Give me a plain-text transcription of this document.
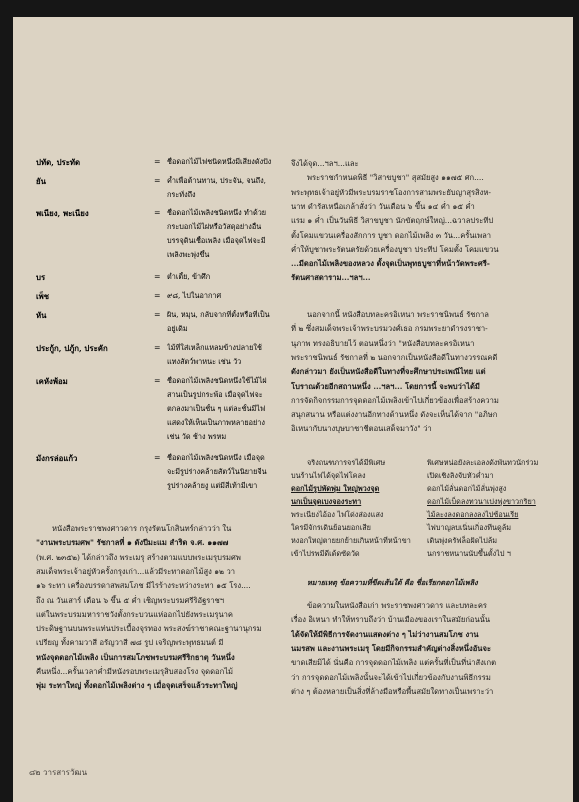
ปทัด, ประทัด	= ชื่อดอกไม้ไฟชนิดหนึ่งมีเสียงดังปัง
ยัน	= ค้ำเพื่อต้านทาน, ประจัน, จนถึง,
กระทั่งถึง
พเนียง, พะเนียง	= ชื่อดอกไม้เพลิงชนิดหนึ่ง ทำด้วย
กระบอกไม้ไผ่หรือวัสดุอย่างอื่น
บรรจุดินเชื้อเพลิง เมื่อจุดไฟจะมี
เพลิงพะพุ่งขึ้น
บร	= ต่ำเตี้ย, ข้าศึก
เพ็ช	= ๙๘, ไปในอากาศ
หัน	= ผิน, หมุน, กลับจากที่ตั้งหรือที่เป็น
อยู่เดิม
ประกู้ก, ปภู้ก, ประคัก	= ไม้ที่ใส่เหล็กแหลมข้างปลายใช้
แทงสัตว์พาหนะ เช่น วัว
เคหังพ้อม	= ชื่อดอกไม้เพลิงชนิดหนึ่งใช้ไม้ไผ่
สานเป็นรูปกระพ้อ เมื่อจุดไฟจะ
ตกลงมาเป็นชั้น ๆ แต่ละชั้นมีไฟ
แสดงให้เห็นเป็นภาพหลายอย่าง
เช่น วัด ช้าง พรหม
มังกรล่อแก้ว	= ชื่อดอกไม้เพลิงชนิดหนึ่ง เมื่อจุด
จะมีรูปร่างคล้ายสัตว์ในนิยายจีน
รูปร่างคล้ายงู แต่มีสี่เท้ามีเขา
หนังสือพระราชพงศาวดาร กรุงรัตนโกสินทร์กล่าวว่า ใน
"งานพระบรมศพ" รัชกาลที่ ๑ ดังปีมะแม สำริด จ.ศ. ๑๑๗๗
(พ.ศ. ๒๓๕๒) ได้กล่าวถึง พระเมรุ สร้างตามแบบพระเมรุบรมศพ
สมเด็จพระเจ้าอยู่หัวครั้งกรุงเก่า...แล้วมีระทาดอกไม้สูง ๑๒ วา
๑๖ ระทา เครื่องบรรดาสพสมโภช มีไรร้างระหว่างระทา ๑๕ โรง....
ถึง ณ วันเสาร์ เดือน ๖ ขึ้น ๕ ค่ำ เชิญพระบรมศรีริอัฐราชฯ
แต่ในพระบรมมหาราชวังตั้งกระบวนแห่ออกไปยังพระเมรุนาค
ประดิษฐานบนพระแท่นประเบื้องจุรทอง พระสงฆ์ราชาคณะฐานานุกรม
เปรียญ ทั้งคามวาสี อรัญวาสี ๗๘ รูป เจริญพระพุทธมนต์ มี
หนังจุดดอกไม้เพลิง เป็นการสมโภชพระบรมศรีริกธาตุ วันหนึ่ง
คืนหนึ่ง...ครั้นเวลาค่ำมีหนังรอบพระเมรุสิบสองโรง จุดดอกไม้
พุ่ม ระทาใหญ่ ทั้งดอกไม้เพลิงต่าง ๆ เมื่อจุดเสร็จแล้วระทาใหญ่
จึงได้จุด...ฯลฯ...และ
พระราชกำหนดพิธี "วิสาขบูชา" สุสมัยสูง ๑๑๗๕ ศก....
พระพุทธเจ้าอยู่หัวมีพระบรมราชโองการสามพระยับญาสุรสิงห-
นาท ดำรัสเหนือเกล้าสั่งว่า วันเดือน ๖ ขึ้น ๑๔ ค่ำ ๑๕ ค่ำ
แรม ๑ ค่ำ เป็นวันพิธี วิสาขบูชา นักขัตฤกษ์ใหญ่...ฉวาลประทีป
ตั้งโคมแขวนเครื่องสักการ บูชา ดอกไม้เพลิง ๓ วัน...ครั้นเพลา
ค่ำให้บูชาพระรัตนตรัยด้วยเครื่องบูชา ประทีป โคมตั้ง โคมแขวน
...มีดอกไม้เพลิงของหลวง ตั้งจุดเป็นพุทธบูชาที่หน้าวัดพระศรี-
รัตนศาสดาราม...ฯลฯ...
นอกจากนี้ หนังสือบทละครอิเหนา พระราชนิพนธ์ รัชกาล
ที่ ๒ ซึ่งสมเด็จพระเจ้าพระบรมวงศ์เธอ กรมพระยาดำรงราชา-
นุภาพ ทรงอธิบายไว้ ตอนหนึ่งว่า "หนังสือบทละครอิเหนา
พระราชนิพนธ์ รัชกาลที่ ๒ นอกจากเป็นหนังสือดีในทางวรรณคดี
ดังกล่าวมา ยังเป็นหนังสือดีในทางที่จะศึกษาประเพณีไทย แต่
โบราณด้วยอีกสถานหนึ่ง ...ฯลฯ... โดยการนี้ จะพบว่าได้มี
การจัดกิจกรรมการจุดดอกไม้เพลิงเข้าไปเกี่ยวข้องเพื่อสร้างความ
สนุกสนาน หรือแต่งงานอีกทางด้านหนึ่ง ดังจะเห็นได้จาก "อภิษก
อิเหนากับนางบุษบาชาชีตอนเสด็จมาวัง" ว่า
จริงถนฑภารจรได้มีพิเศษ	พิเศษหน่อยังละเอลงดังพันทวนักร่วม
บนร้านไฟได้จุดไฟโคลง	เปิดเชิงลิงจับหัวค่ำมา
ดอกไม้รูปพัดพุ่ม ใหญ่พวงจุด	ดอกไม้ลั่นดอกไม้ลั่นพุ่งสูง
นกเป็นจุดเบงจองระทา	ดอกไม้เบ็ดลงทวนาเบ่งพุ่งขาวกริยา
พระเนียงไอ้อง ไฟโด่งส่องแสง	ไม้ละงลงดอกลงลงไปซ้อนเรีย
ใครมีจักรเดินย้อนยอกเสีย	ไฟบาญลบเนิ่นเกิ่องทีนดูล้ม
หงอกใหญ่ตายยกย้ายเกินหน้าที่หน้าขา	เดินพุ่งครัฟล็อฝัดไปล้ม
เข้าไปรพมีดีเด้ดซัดวัด	นกราชหนานนับขึ้นตั้งไป ฯ
หมายเหตุ ข้อความที่ขีดเส้นใต้ คือ ชื่อเรียกดอกไม้เพลิง
ข้อความในหนังสือเก่า พระราชพงศาวดาร และบทละคร
เรื่อง อิเหนา ทำให้ทราบถึงว่า บ้านเมืองของเราในสมัยก่อนนั้น
ได้จัดให้มีพิธีการจัดงานแสดงต่าง ๆ ไม่ว่างานสมโภช งาน
นมรสพ และงานพระเมรุ โดยมีกิจกรรมสำคัญต่างสิ่งหนึ่งอันจะ
ขาดเสียมิได้ นั่นคือ การจุดดอกไม้เพลิง แต่ครั้นที่เป็นที่น่าสังเกต
ว่า การจุดดอกไม้เพลิงนั้นจะได้เข้าไปเกี่ยวข้องกับงานพิธีกรรม
ต่าง ๆ ต้องหลายเป็นสิ่งที่ล้างมือหรือพื้นสมัยใดทางเป็นเพราะว่า
๘๒ วารสารวัฒน
